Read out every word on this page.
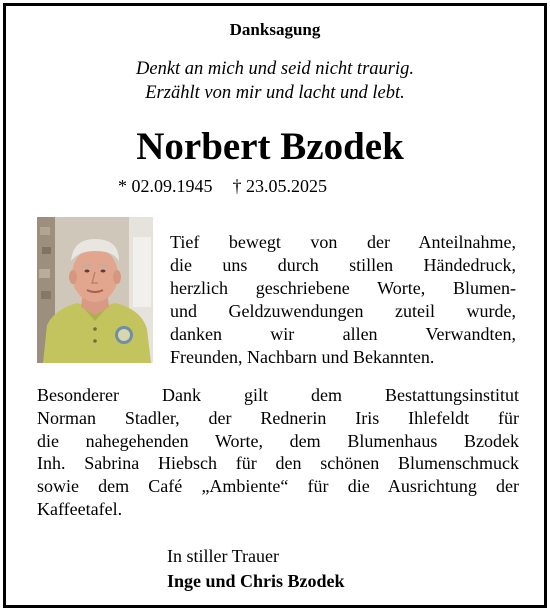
Danksagung
Denkt an mich und seid nicht traurig.
Erzählt von mir und lacht und lebt.
Norbert Bzodek
* 02.09.1945 † 23.05.2025
Tief bewegt von der Anteilnahme,
die uns durch stillen Händedruck,
herzlich geschriebene Worte, Blumen-
und Geldzuwendungen zuteil wurde,
danken wir allen Verwandten,
Freunden, Nachbarn und Bekannten.
Besonderer Dank gilt dem Bestattungsinstitut
Norman Stadler, der Rednerin Iris Ihlefeldt für
die nahegehenden Worte, dem Blumenhaus Bzodek
Inh. Sabrina Hiebsch für den schönen Blumenschmuck
sowie dem Café „Ambiente“ für die Ausrichtung der
Kaffeetafel.
In stiller Trauer
Inge und Chris Bzodek
